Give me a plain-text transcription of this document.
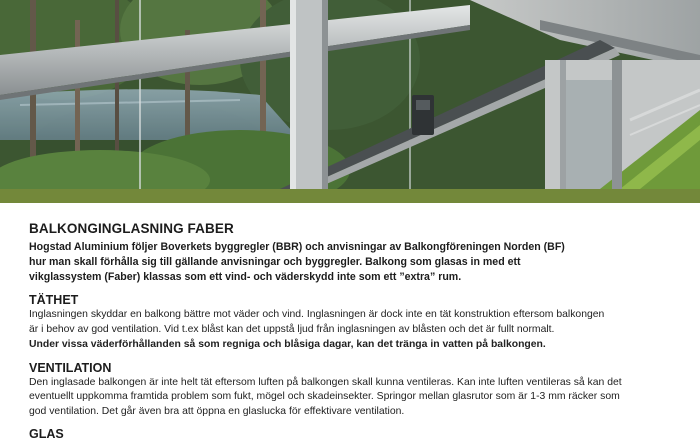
BALKONGINGLASNING FABER
Hogstad Aluminium följer Boverkets byggregler (BBR) och anvisningar av Balkongföreningen Norden (BF)
hur man skall förhålla sig till gällande anvisningar och byggregler. Balkong som glasas in med ett
vikglassystem (Faber) klassas som ett vind- och väderskydd inte som ett ”extra” rum.
TÄTHET

Inglasningen skyddar en balkong bättre mot väder och vind. Inglasningen är dock inte en tät konstruktion eftersom balkongen
är i behov av god ventilation. Vid t.ex blåst kan det uppstå ljud från inglasningen av blåsten och det är fullt normalt.

Under vissa väderförhållanden så som regniga och blåsiga dagar, kan det tränga in vatten på balkongen.

VENTILATION

Den inglasade balkongen är inte helt tät eftersom luften på balkongen skall kunna ventileras. Kan inte luften ventileras så kan det
eventuellt uppkomma framtida problem som fukt, mögel och skadeinsekter. Springor mellan glasrutor som är 1-3 mm räcker som
god ventilation. Det går även bra att öppna en glaslucka för effektivare ventilation.

GLAS
